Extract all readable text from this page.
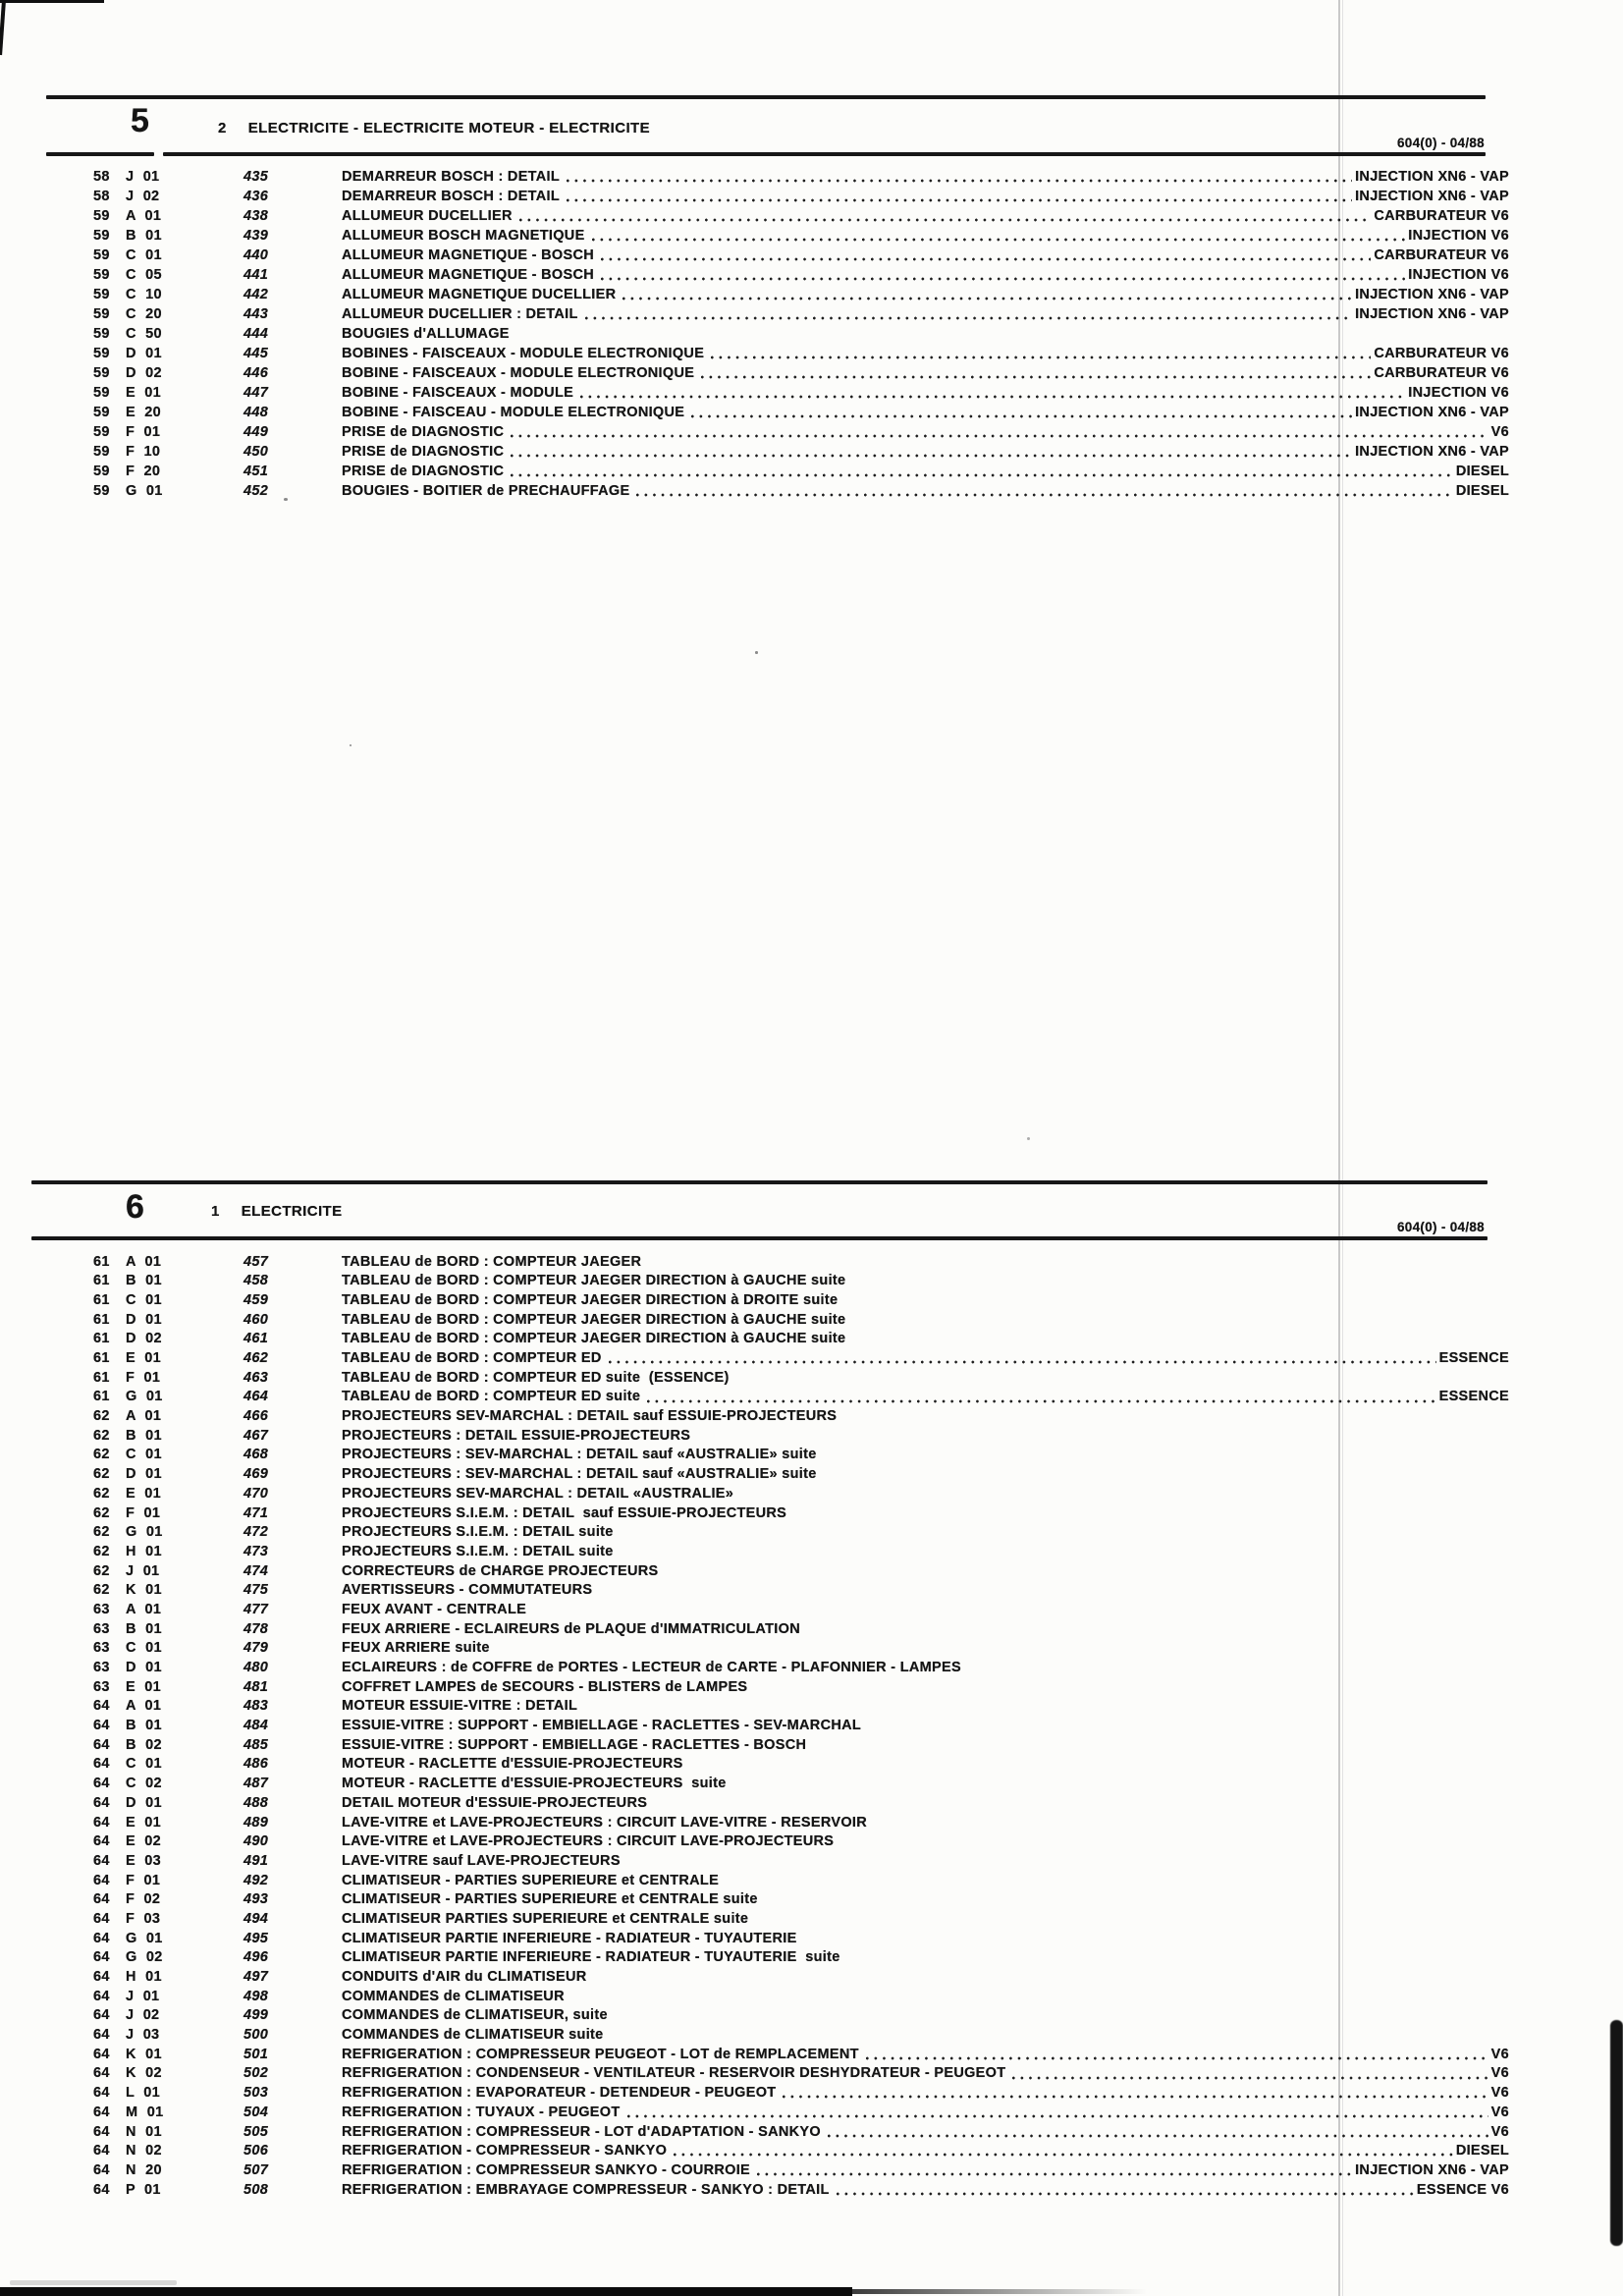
5	2 ELECTRICITE - ELECTRICITE MOTEUR - ELECTRICITE
604(0) - 04/88
58	J 01	435	DEMARREUR BOSCH : DETAIL	INJECTION XN6 - VAP
58	J 02	436	DEMARREUR BOSCH : DETAIL	INJECTION XN6 - VAP
59	A 01	438	ALLUMEUR DUCELLIER	CARBURATEUR V6
59	B 01	439	ALLUMEUR BOSCH MAGNETIQUE	INJECTION V6
59	C 01	440	ALLUMEUR MAGNETIQUE - BOSCH	CARBURATEUR V6
59	C 05	441	ALLUMEUR MAGNETIQUE - BOSCH	INJECTION V6
59	C 10	442	ALLUMEUR MAGNETIQUE DUCELLIER	INJECTION XN6 - VAP
59	C 20	443	ALLUMEUR DUCELLIER : DETAIL	INJECTION XN6 - VAP
59	C 50	444	BOUGIES d'ALLUMAGE
59	D 01	445	BOBINES - FAISCEAUX - MODULE ELECTRONIQUE	CARBURATEUR V6
59	D 02	446	BOBINE - FAISCEAUX - MODULE ELECTRONIQUE	CARBURATEUR V6
59	E 01	447	BOBINE - FAISCEAUX - MODULE	INJECTION V6
59	E 20	448	BOBINE - FAISCEAU - MODULE ELECTRONIQUE	INJECTION XN6 - VAP
59	F 01	449	PRISE de DIAGNOSTIC	V6
59	F 10	450	PRISE de DIAGNOSTIC	INJECTION XN6 - VAP
59	F 20	451	PRISE de DIAGNOSTIC	DIESEL
59	G 01	452	BOUGIES - BOITIER de PRECHAUFFAGE	DIESEL
6	1 ELECTRICITE
604(0) - 04/88
61	A 01	457	TABLEAU de BORD : COMPTEUR JAEGER
61	B 01	458	TABLEAU de BORD : COMPTEUR JAEGER DIRECTION à GAUCHE suite
61	C 01	459	TABLEAU de BORD : COMPTEUR JAEGER DIRECTION à DROITE suite
61	D 01	460	TABLEAU de BORD : COMPTEUR JAEGER DIRECTION à GAUCHE suite
61	D 02	461	TABLEAU de BORD : COMPTEUR JAEGER DIRECTION à GAUCHE suite
61	E 01	462	TABLEAU de BORD : COMPTEUR ED	ESSENCE
61	F 01	463	TABLEAU de BORD : COMPTEUR ED suite  (ESSENCE)
61	G 01	464	TABLEAU de BORD : COMPTEUR ED suite	ESSENCE
62	A 01	466	PROJECTEURS SEV-MARCHAL : DETAIL sauf ESSUIE-PROJECTEURS
62	B 01	467	PROJECTEURS : DETAIL ESSUIE-PROJECTEURS
62	C 01	468	PROJECTEURS : SEV-MARCHAL : DETAIL sauf «AUSTRALIE» suite
62	D 01	469	PROJECTEURS : SEV-MARCHAL : DETAIL sauf «AUSTRALIE» suite
62	E 01	470	PROJECTEURS SEV-MARCHAL : DETAIL «AUSTRALIE»
62	F 01	471	PROJECTEURS S.I.E.M. : DETAIL  sauf ESSUIE-PROJECTEURS
62	G 01	472	PROJECTEURS S.I.E.M. : DETAIL suite
62	H 01	473	PROJECTEURS S.I.E.M. : DETAIL suite
62	J 01	474	CORRECTEURS de CHARGE PROJECTEURS
62	K 01	475	AVERTISSEURS - COMMUTATEURS
63	A 01	477	FEUX AVANT - CENTRALE
63	B 01	478	FEUX ARRIERE - ECLAIREURS de PLAQUE d'IMMATRICULATION
63	C 01	479	FEUX ARRIERE suite
63	D 01	480	ECLAIREURS : de COFFRE de PORTES - LECTEUR de CARTE - PLAFONNIER - LAMPES
63	E 01	481	COFFRET LAMPES de SECOURS - BLISTERS de LAMPES
64	A 01	483	MOTEUR ESSUIE-VITRE : DETAIL
64	B 01	484	ESSUIE-VITRE : SUPPORT - EMBIELLAGE - RACLETTES - SEV-MARCHAL
64	B 02	485	ESSUIE-VITRE : SUPPORT - EMBIELLAGE - RACLETTES - BOSCH
64	C 01	486	MOTEUR - RACLETTE d'ESSUIE-PROJECTEURS
64	C 02	487	MOTEUR - RACLETTE d'ESSUIE-PROJECTEURS  suite
64	D 01	488	DETAIL MOTEUR d'ESSUIE-PROJECTEURS
64	E 01	489	LAVE-VITRE et LAVE-PROJECTEURS : CIRCUIT LAVE-VITRE - RESERVOIR
64	E 02	490	LAVE-VITRE et LAVE-PROJECTEURS : CIRCUIT LAVE-PROJECTEURS
64	E 03	491	LAVE-VITRE sauf LAVE-PROJECTEURS
64	F 01	492	CLIMATISEUR - PARTIES SUPERIEURE et CENTRALE
64	F 02	493	CLIMATISEUR - PARTIES SUPERIEURE et CENTRALE suite
64	F 03	494	CLIMATISEUR PARTIES SUPERIEURE et CENTRALE suite
64	G 01	495	CLIMATISEUR PARTIE INFERIEURE - RADIATEUR - TUYAUTERIE
64	G 02	496	CLIMATISEUR PARTIE INFERIEURE - RADIATEUR - TUYAUTERIE  suite
64	H 01	497	CONDUITS d'AIR du CLIMATISEUR
64	J 01	498	COMMANDES de CLIMATISEUR
64	J 02	499	COMMANDES de CLIMATISEUR, suite
64	J 03	500	COMMANDES de CLIMATISEUR suite
64	K 01	501	REFRIGERATION : COMPRESSEUR PEUGEOT - LOT de REMPLACEMENT	V6
64	K 02	502	REFRIGERATION : CONDENSEUR - VENTILATEUR - RESERVOIR DESHYDRATEUR - PEUGEOT	V6
64	L 01	503	REFRIGERATION : EVAPORATEUR - DETENDEUR - PEUGEOT	V6
64	M 01	504	REFRIGERATION : TUYAUX - PEUGEOT	V6
64	N 01	505	REFRIGERATION : COMPRESSEUR - LOT d'ADAPTATION - SANKYO	V6
64	N 02	506	REFRIGERATION - COMPRESSEUR - SANKYO	DIESEL
64	N 20	507	REFRIGERATION : COMPRESSEUR SANKYO - COURROIE	INJECTION XN6 - VAP
64	P 01	508	REFRIGERATION : EMBRAYAGE COMPRESSEUR - SANKYO : DETAIL	ESSENCE V6
